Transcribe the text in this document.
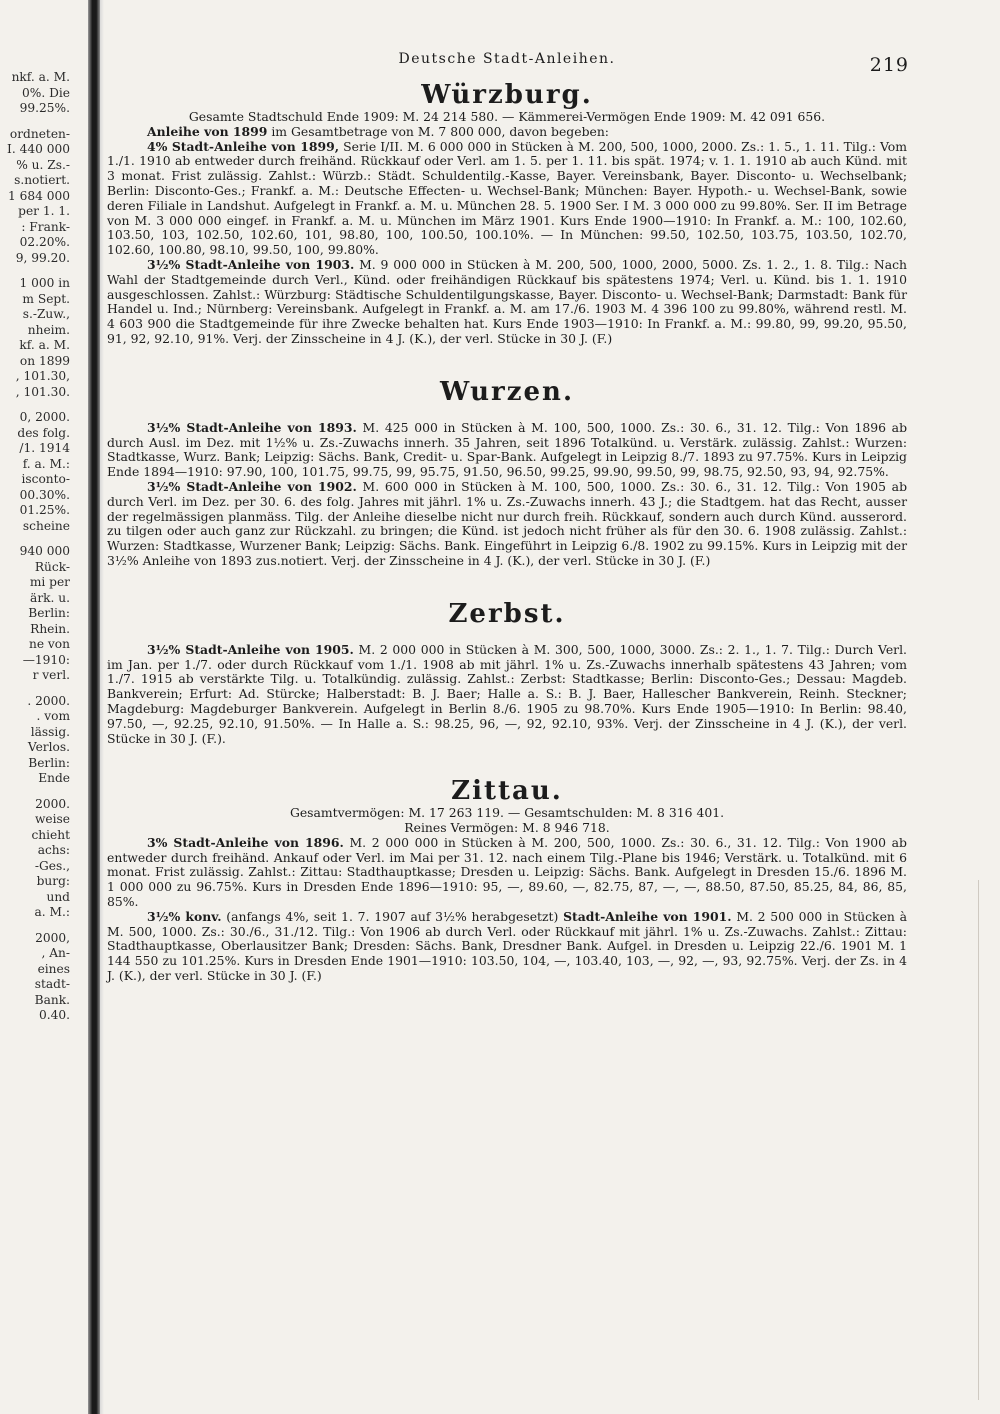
nkf. a. M.
0%. Die
99.25%.
ordneten-
I. 440 000
% u. Zs.-
s.notiert.
1 684 000
per 1. 1.
: Frank-
02.20%.
9, 99.20.
1 000 in
m Sept.
s.-Zuw.,
nheim.
kf. a. M.
on 1899
, 101.30,
, 101.30.
0, 2000.
des folg.
/1. 1914
f. a. M.:
isconto-
00.30%.
01.25%.
scheine
940 000
Rück-
mi per
ärk. u.
Berlin:
Rhein.
ne von
—1910:
r verl.
. 2000.
. vom
lässig.
Verlos.
Berlin:
Ende
2000.
weise
chieht
achs:
-Ges.,
burg:
und
a. M.:
2000,
, An-
eines
stadt-
Bank.
0.40.
Deutsche Stadt-Anleihen.	219
Würzburg.

Gesamte Stadtschuld Ende 1909: M. 24 214 580. — Kämmerei-Vermögen Ende 1909: M. 42 091 656.

Anleihe von 1899 im Gesamtbetrage von M. 7 800 000, davon begeben:

4% Stadt-Anleihe von 1899, Serie I/II. M. 6 000 000 in Stücken à M. 200, 500, 1000, 2000. Zs.: 1. 5., 1. 11. Tilg.: Vom 1./1. 1910 ab entweder durch freihänd. Rückkauf oder Verl. am 1. 5. per 1. 11. bis spät. 1974; v. 1. 1. 1910 ab auch Künd. mit 3 monat. Frist zulässig. Zahlst.: Würzb.: Städt. Schuldentilg.-Kasse, Bayer. Vereinsbank, Bayer. Disconto- u. Wechselbank; Berlin: Disconto-Ges.; Frankf. a. M.: Deutsche Effecten- u. Wechsel-Bank; München: Bayer. Hypoth.- u. Wechsel-Bank, sowie deren Filiale in Landshut. Aufgelegt in Frankf. a. M. u. München 28. 5. 1900 Ser. I M. 3 000 000 zu 99.80%. Ser. II im Betrage von M. 3 000 000 eingef. in Frankf. a. M. u. München im März 1901. Kurs Ende 1900—1910: In Frankf. a. M.: 100, 102.60, 103.50, 103, 102.50, 102.60, 101, 98.80, 100, 100.50, 100.10%. — In München: 99.50, 102.50, 103.75, 103.50, 102.70, 102.60, 100.80, 98.10, 99.50, 100, 99.80%.

3½% Stadt-Anleihe von 1903. M. 9 000 000 in Stücken à M. 200, 500, 1000, 2000, 5000. Zs. 1. 2., 1. 8. Tilg.: Nach Wahl der Stadtgemeinde durch Verl., Künd. oder freihändigen Rückkauf bis spätestens 1974; Verl. u. Künd. bis 1. 1. 1910 ausgeschlossen. Zahlst.: Würzburg: Städtische Schuldentilgungskasse, Bayer. Disconto- u. Wechsel-Bank; Darmstadt: Bank für Handel u. Ind.; Nürnberg: Vereinsbank. Aufgelegt in Frankf. a. M. am 17./6. 1903 M. 4 396 100 zu 99.80%, während restl. M. 4 603 900 die Stadtgemeinde für ihre Zwecke behalten hat. Kurs Ende 1903—1910: In Frankf. a. M.: 99.80, 99, 99.20, 95.50, 91, 92, 92.10, 91%. Verj. der Zinsscheine in 4 J. (K.), der verl. Stücke in 30 J. (F.)

Wurzen.

3½% Stadt-Anleihe von 1893. M. 425 000 in Stücken à M. 100, 500, 1000. Zs.: 30. 6., 31. 12. Tilg.: Von 1896 ab durch Ausl. im Dez. mit 1½% u. Zs.-Zuwachs innerh. 35 Jahren, seit 1896 Totalkünd. u. Verstärk. zulässig. Zahlst.: Wurzen: Stadtkasse, Wurz. Bank; Leipzig: Sächs. Bank, Credit- u. Spar-Bank. Aufgelegt in Leipzig 8./7. 1893 zu 97.75%. Kurs in Leipzig Ende 1894—1910: 97.90, 100, 101.75, 99.75, 99, 95.75, 91.50, 96.50, 99.25, 99.90, 99.50, 99, 98.75, 92.50, 93, 94, 92.75%.

3½% Stadt-Anleihe von 1902. M. 600 000 in Stücken à M. 100, 500, 1000. Zs.: 30. 6., 31. 12. Tilg.: Von 1905 ab durch Verl. im Dez. per 30. 6. des folg. Jahres mit jährl. 1% u. Zs.-Zuwachs innerh. 43 J.; die Stadtgem. hat das Recht, ausser der regelmässigen planmäss. Tilg. der Anleihe dieselbe nicht nur durch freih. Rückkauf, sondern auch durch Künd. ausserord. zu tilgen oder auch ganz zur Rückzahl. zu bringen; die Künd. ist jedoch nicht früher als für den 30. 6. 1908 zulässig. Zahlst.: Wurzen: Stadtkasse, Wurzener Bank; Leipzig: Sächs. Bank. Eingeführt in Leipzig 6./8. 1902 zu 99.15%. Kurs in Leipzig mit der 3½% Anleihe von 1893 zus.notiert. Verj. der Zinsscheine in 4 J. (K.), der verl. Stücke in 30 J. (F.)

Zerbst.

3½% Stadt-Anleihe von 1905. M. 2 000 000 in Stücken à M. 300, 500, 1000, 3000. Zs.: 2. 1., 1. 7. Tilg.: Durch Verl. im Jan. per 1./7. oder durch Rückkauf vom 1./1. 1908 ab mit jährl. 1% u. Zs.-Zuwachs innerhalb spätestens 43 Jahren; vom 1./7. 1915 ab verstärkte Tilg. u. Totalkündig. zulässig. Zahlst.: Zerbst: Stadtkasse; Berlin: Disconto-Ges.; Dessau: Magdeb. Bankverein; Erfurt: Ad. Stürcke; Halberstadt: B. J. Baer; Halle a. S.: B. J. Baer, Hallescher Bankverein, Reinh. Steckner; Magdeburg: Magdeburger Bankverein. Aufgelegt in Berlin 8./6. 1905 zu 98.70%. Kurs Ende 1905—1910: In Berlin: 98.40, 97.50, —, 92.25, 92.10, 91.50%. — In Halle a. S.: 98.25, 96, —, 92, 92.10, 93%. Verj. der Zinsscheine in 4 J. (K.), der verl. Stücke in 30 J. (F.).

Zittau.

Gesamtvermögen: M. 17 263 119. — Gesamtschulden: M. 8 316 401.

Reines Vermögen: M. 8 946 718.

3% Stadt-Anleihe von 1896. M. 2 000 000 in Stücken à M. 200, 500, 1000. Zs.: 30. 6., 31. 12. Tilg.: Von 1900 ab entweder durch freihänd. Ankauf oder Verl. im Mai per 31. 12. nach einem Tilg.-Plane bis 1946; Verstärk. u. Totalkünd. mit 6 monat. Frist zulässig. Zahlst.: Zittau: Stadthauptkasse; Dresden u. Leipzig: Sächs. Bank. Aufgelegt in Dresden 15./6. 1896 M. 1 000 000 zu 96.75%. Kurs in Dresden Ende 1896—1910: 95, —, 89.60, —, 82.75, 87, —, —, 88.50, 87.50, 85.25, 84, 86, 85, 85%.

3½% konv. (anfangs 4%, seit 1. 7. 1907 auf 3½% herabgesetzt) Stadt-Anleihe von 1901. M. 2 500 000 in Stücken à M. 500, 1000. Zs.: 30./6., 31./12. Tilg.: Von 1906 ab durch Verl. oder Rückkauf mit jährl. 1% u. Zs.-Zuwachs. Zahlst.: Zittau: Stadthauptkasse, Oberlausitzer Bank; Dresden: Sächs. Bank, Dresdner Bank. Aufgel. in Dresden u. Leipzig 22./6. 1901 M. 1 144 550 zu 101.25%. Kurs in Dresden Ende 1901—1910: 103.50, 104, —, 103.40, 103, —, 92, —, 93, 92.75%. Verj. der Zs. in 4 J. (K.), der verl. Stücke in 30 J. (F.)
